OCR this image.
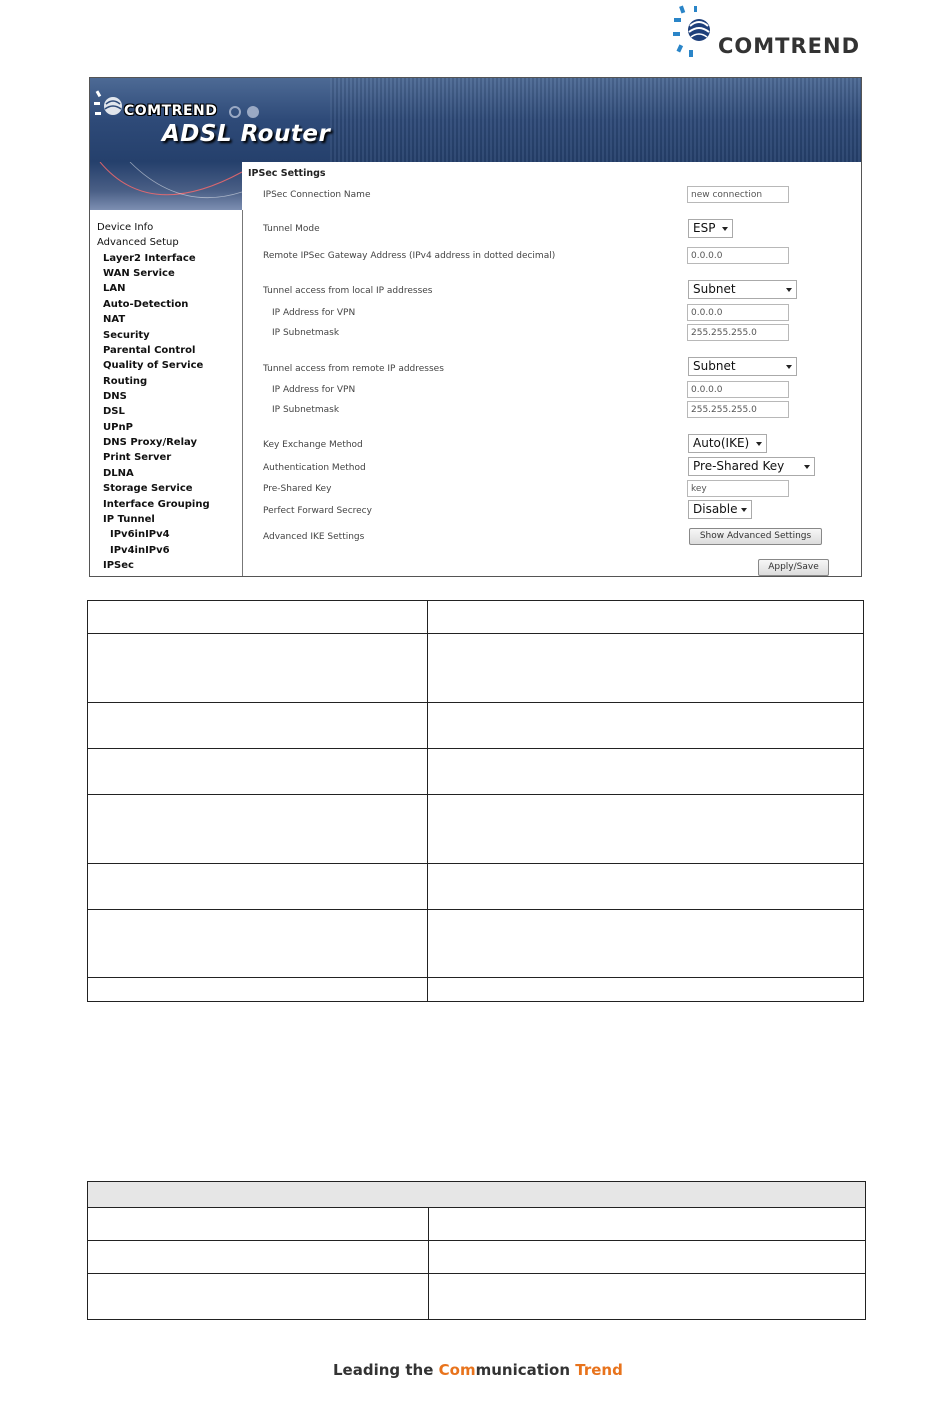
COMTREND
COMTREND
ADSL Router
Device Info
Advanced Setup
Layer2 Interface
WAN Service
LAN
Auto-Detection
NAT
Security
Parental Control
Quality of Service
Routing
DNS
DSL
UPnP
DNS Proxy/Relay
Print Server
DLNA
Storage Service
Interface Grouping
IP Tunnel
IPv6inIPv4
IPv4inIPv6
IPSec
IPSec Settings
IPSec Connection Name	new connection
Tunnel Mode	ESP
Remote IPSec Gateway Address (IPv4 address in dotted decimal)	0.0.0.0
Tunnel access from local IP addresses	Subnet
IP Address for VPN	0.0.0.0
IP Subnetmask	255.255.255.0
Tunnel access from remote IP addresses	Subnet
IP Address for VPN	0.0.0.0
IP Subnetmask	255.255.255.0
Key Exchange Method	Auto(IKE)
Authentication Method	Pre-Shared Key
Pre-Shared Key	key
Perfect Forward Secrecy	Disable
Advanced IKE Settings	Show Advanced Settings
Apply/Save

Leading the Communication Trend
